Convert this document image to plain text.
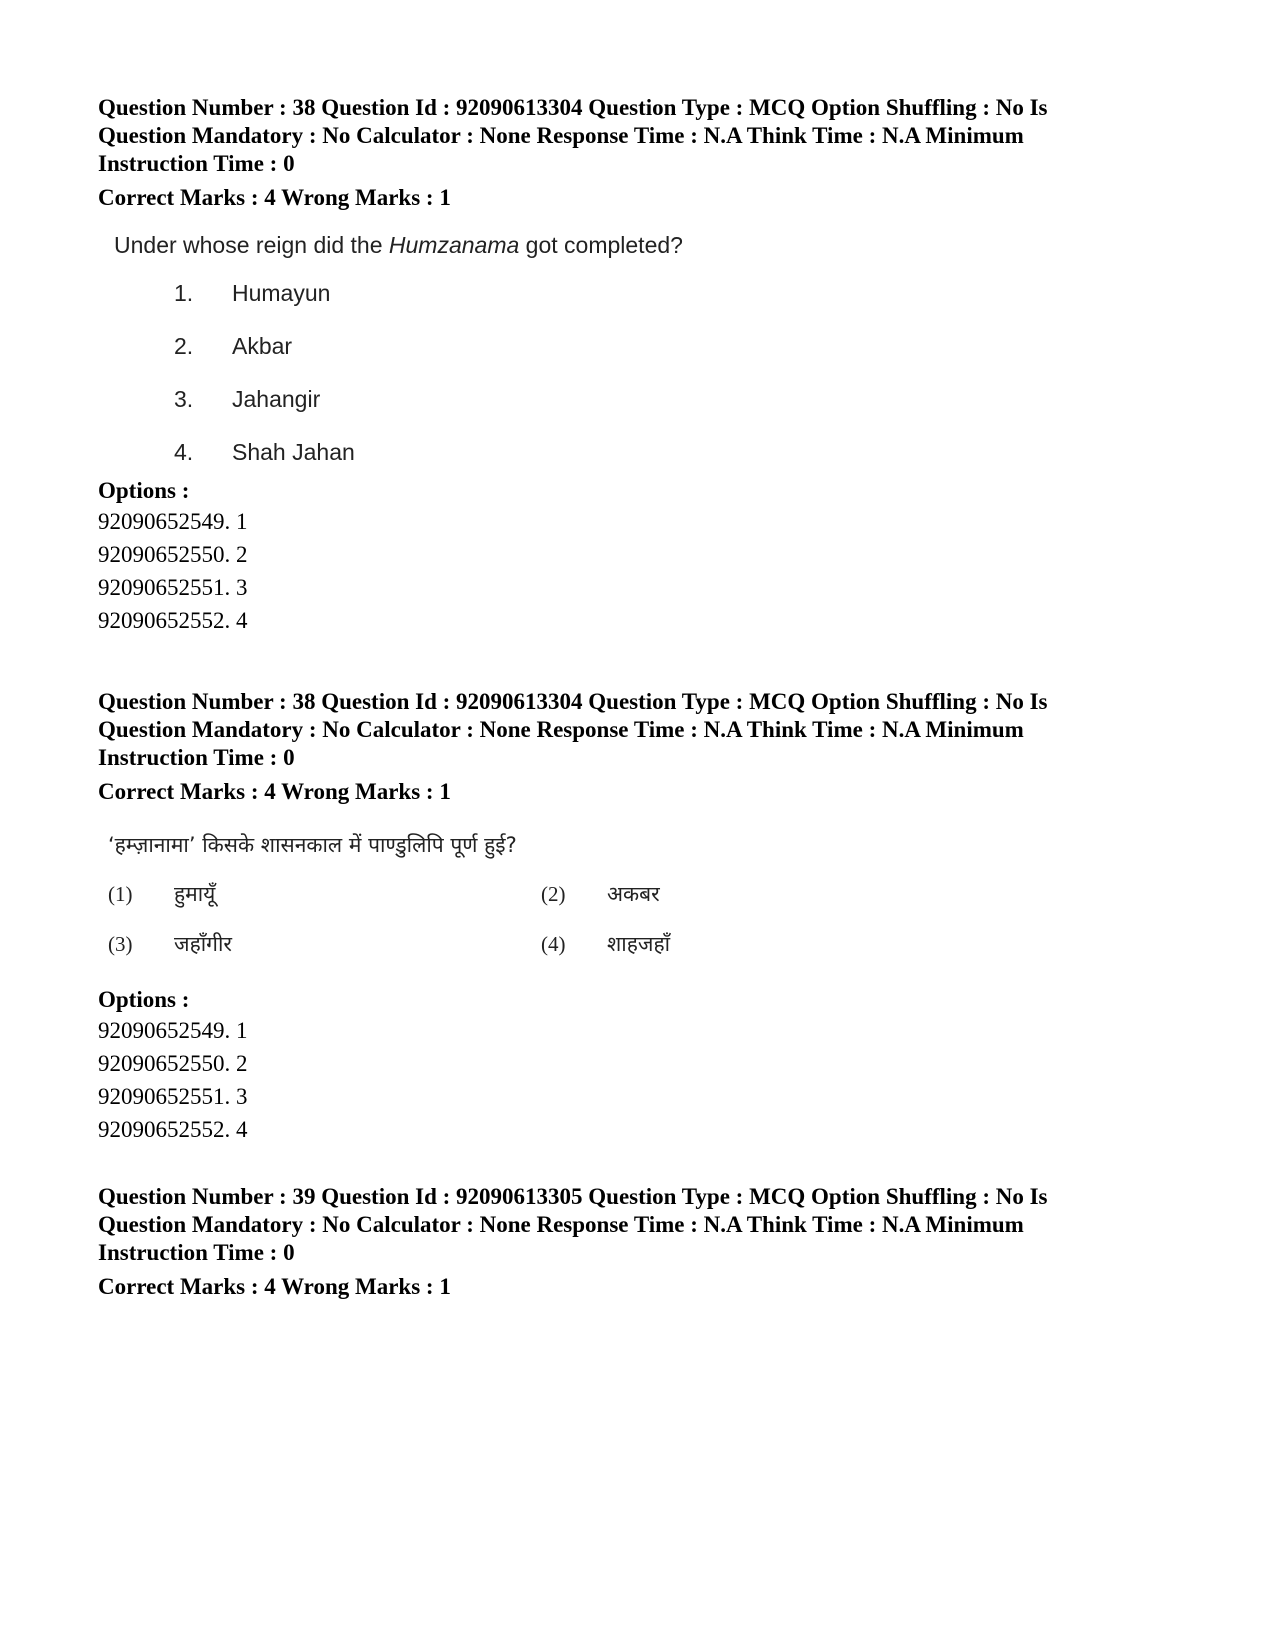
Question Number : 38 Question Id : 92090613304 Question Type : MCQ Option Shuffling : No Is
Question Mandatory : No Calculator : None Response Time : N.A Think Time : N.A Minimum
Instruction Time : 0
Correct Marks : 4 Wrong Marks : 1
Under whose reign did the Humzanama got completed?
1.	Humayun
2.	Akbar
3.	Jahangir
4.	Shah Jahan
Options :
92090652549. 1
92090652550. 2
92090652551. 3
92090652552. 4
Question Number : 38 Question Id : 92090613304 Question Type : MCQ Option Shuffling : No Is
Question Mandatory : No Calculator : None Response Time : N.A Think Time : N.A Minimum
Instruction Time : 0
Correct Marks : 4 Wrong Marks : 1
‘हम्ज़ानामा’ किसके शासनकाल में पाण्डुलिपि पूर्ण हुई?
(1)	हुमायूँ	(2)	अकबर
(3)	जहाँगीर	(4)	शाहजहाँ
Options :
92090652549. 1
92090652550. 2
92090652551. 3
92090652552. 4
Question Number : 39 Question Id : 92090613305 Question Type : MCQ Option Shuffling : No Is
Question Mandatory : No Calculator : None Response Time : N.A Think Time : N.A Minimum
Instruction Time : 0
Correct Marks : 4 Wrong Marks : 1
